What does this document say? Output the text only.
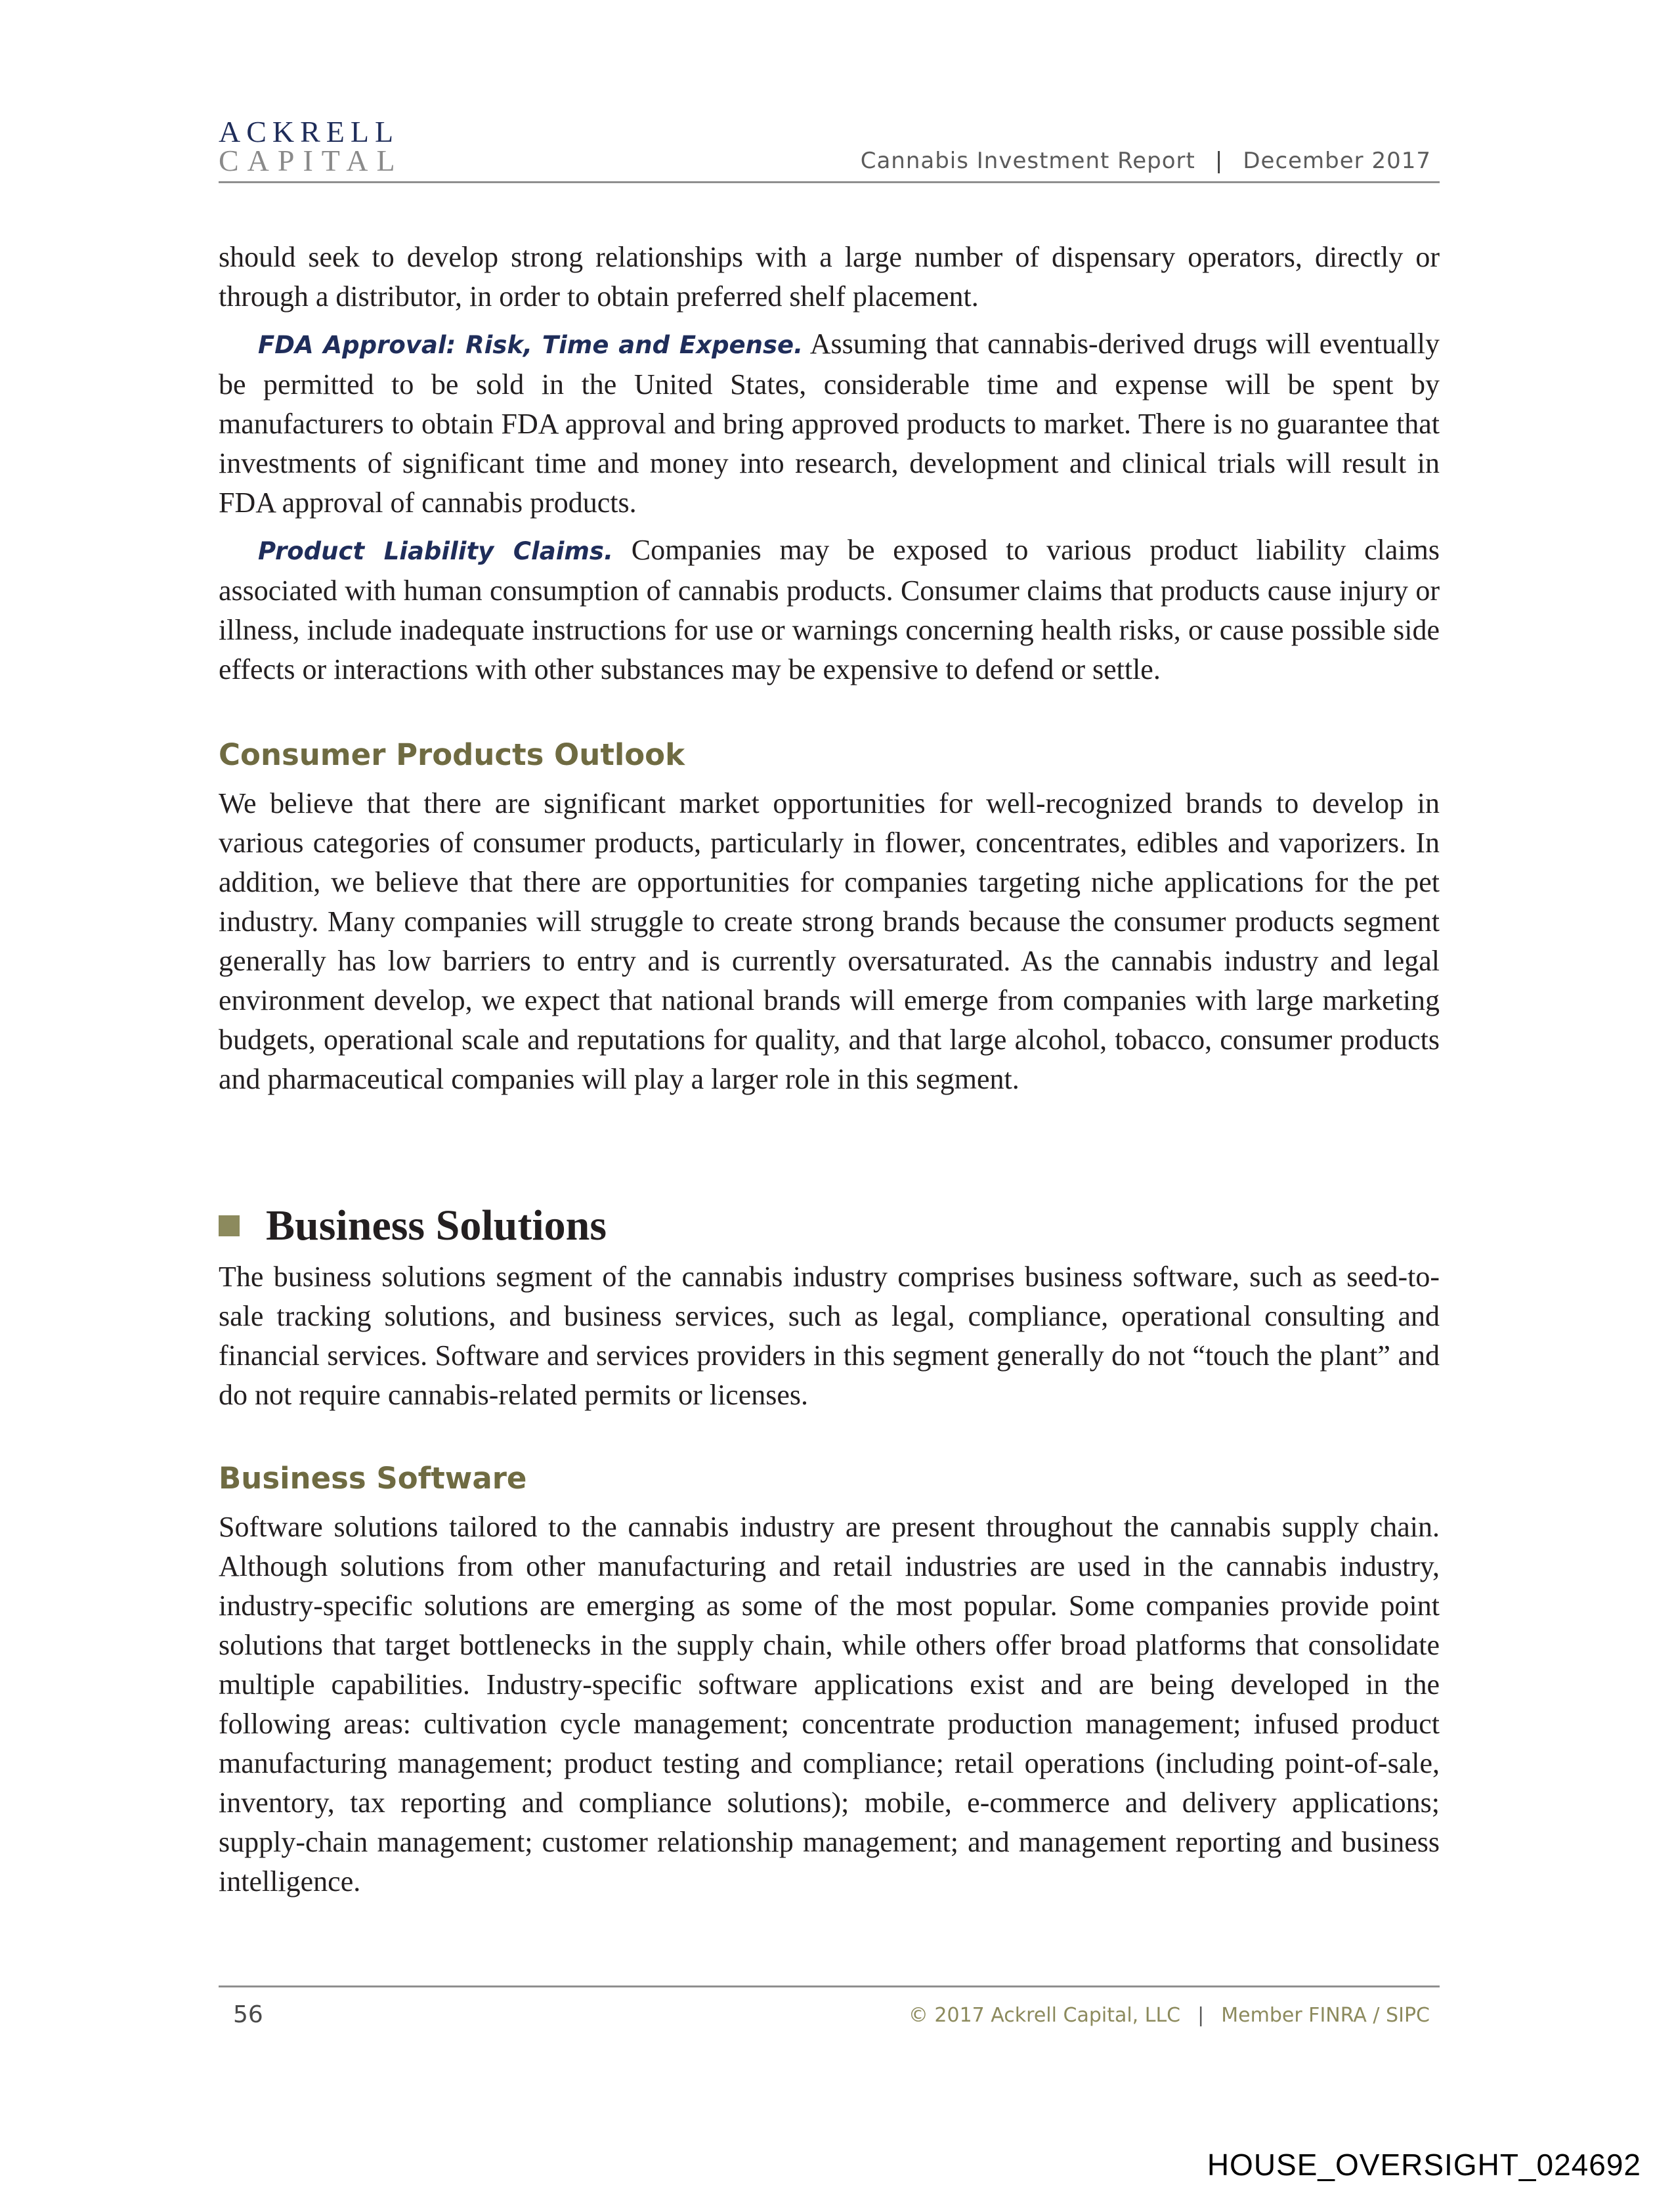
ACKRELL
CAPITAL	Cannabis Investment Report | December 2017

should seek to develop strong relationships with a large number of dispensary operators, directly or through a distributor, in order to obtain preferred shelf placement.

FDA Approval: Risk, Time and Expense. Assuming that cannabis-derived drugs will eventually be permitted to be sold in the United States, considerable time and expense will be spent by manufacturers to obtain FDA approval and bring approved products to market. There is no guarantee that investments of significant time and money into research, development and clinical trials will result in FDA approval of cannabis products.

Product Liability Claims. Companies may be exposed to various product liability claims associated with human consumption of cannabis products. Consumer claims that products cause injury or illness, include inadequate instructions for use or warnings concerning health risks, or cause possible side effects or interactions with other substances may be expensive to defend or settle.

Consumer Products Outlook

We believe that there are significant market opportunities for well-recognized brands to develop in various categories of consumer products, particularly in flower, concentrates, edibles and vaporizers. In addition, we believe that there are opportunities for companies targeting niche applications for the pet industry. Many companies will struggle to create strong brands because the consumer products segment generally has low barriers to entry and is currently oversaturated. As the cannabis industry and legal environment develop, we expect that national brands will emerge from companies with large marketing budgets, operational scale and reputations for quality, and that large alcohol, tobacco, consumer products and pharmaceutical companies will play a larger role in this segment.

Business Solutions

The business solutions segment of the cannabis industry comprises business software, such as seed-to-sale tracking solutions, and business services, such as legal, compliance, operational consulting and financial services. Software and services providers in this segment generally do not “touch the plant” and do not require cannabis-related permits or licenses.

Business Software

Software solutions tailored to the cannabis industry are present throughout the cannabis supply chain. Although solutions from other manufacturing and retail industries are used in the cannabis industry, industry-specific solutions are emerging as some of the most popular. Some companies provide point solutions that target bottlenecks in the supply chain, while others offer broad platforms that consolidate multiple capabilities. Industry-specific software applications exist and are being developed in the following areas: cultivation cycle management; concentrate production management; infused product manufacturing management; product testing and compliance; retail operations (including point-of-sale, inventory, tax reporting and compliance solutions); mobile, e-commerce and delivery applications; supply-chain management; customer relationship management; and management reporting and business intelligence.

56	© 2017 Ackrell Capital, LLC | Member FINRA / SIPC
HOUSE_OVERSIGHT_024692
